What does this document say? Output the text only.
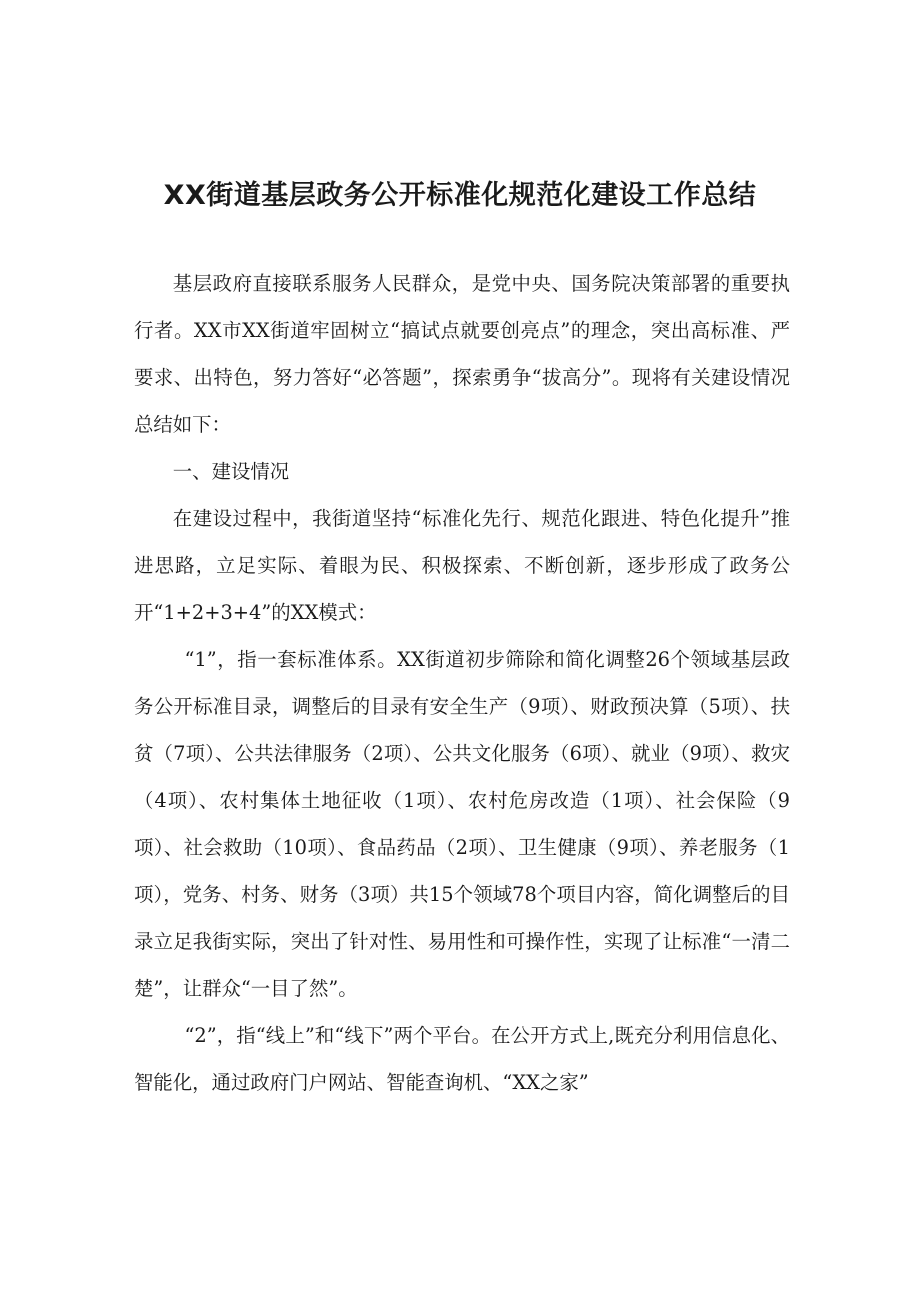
XX街道基层政务公开标准化规范化建设工作总结

基层政府直接联系服务人民群众，是党中央、国务院决策部署的重要执行者。XX市XX街道牢固树立“搞试点就要创亮点”的理念，突出高标准、严要求、出特色，努力答好“必答题”，探索勇争“拔高分”。现将有关建设情况总结如下：

一、建设情况

在建设过程中，我街道坚持“标准化先行、规范化跟进、特色化提升”推进思路，立足实际、着眼为民、积极探索、不断创新，逐步形成了政务公开“1+2+3+4”的XX模式：

“1”，指一套标准体系。XX街道初步筛除和简化调整26个领域基层政务公开标准目录，调整后的目录有安全生产（9项）、财政预决算（5项）、扶贫（7项）、公共法律服务（2项）、公共文化服务（6项）、就业（9项）、救灾（4项）、农村集体土地征收（1项）、农村危房改造（1项）、社会保险（9项）、社会救助（10项）、食品药品（2项）、卫生健康（9项）、养老服务（1项），党务、村务、财务（3项）共15个领域78个项目内容，简化调整后的目录立足我街实际，突出了针对性、易用性和可操作性，实现了让标准“一清二楚”，让群众“一目了然”。

“2”，指“线上”和“线下”两个平台。在公开方式上,既充分利用信息化、智能化，通过政府门户网站、智能查询机、“XX之家”
